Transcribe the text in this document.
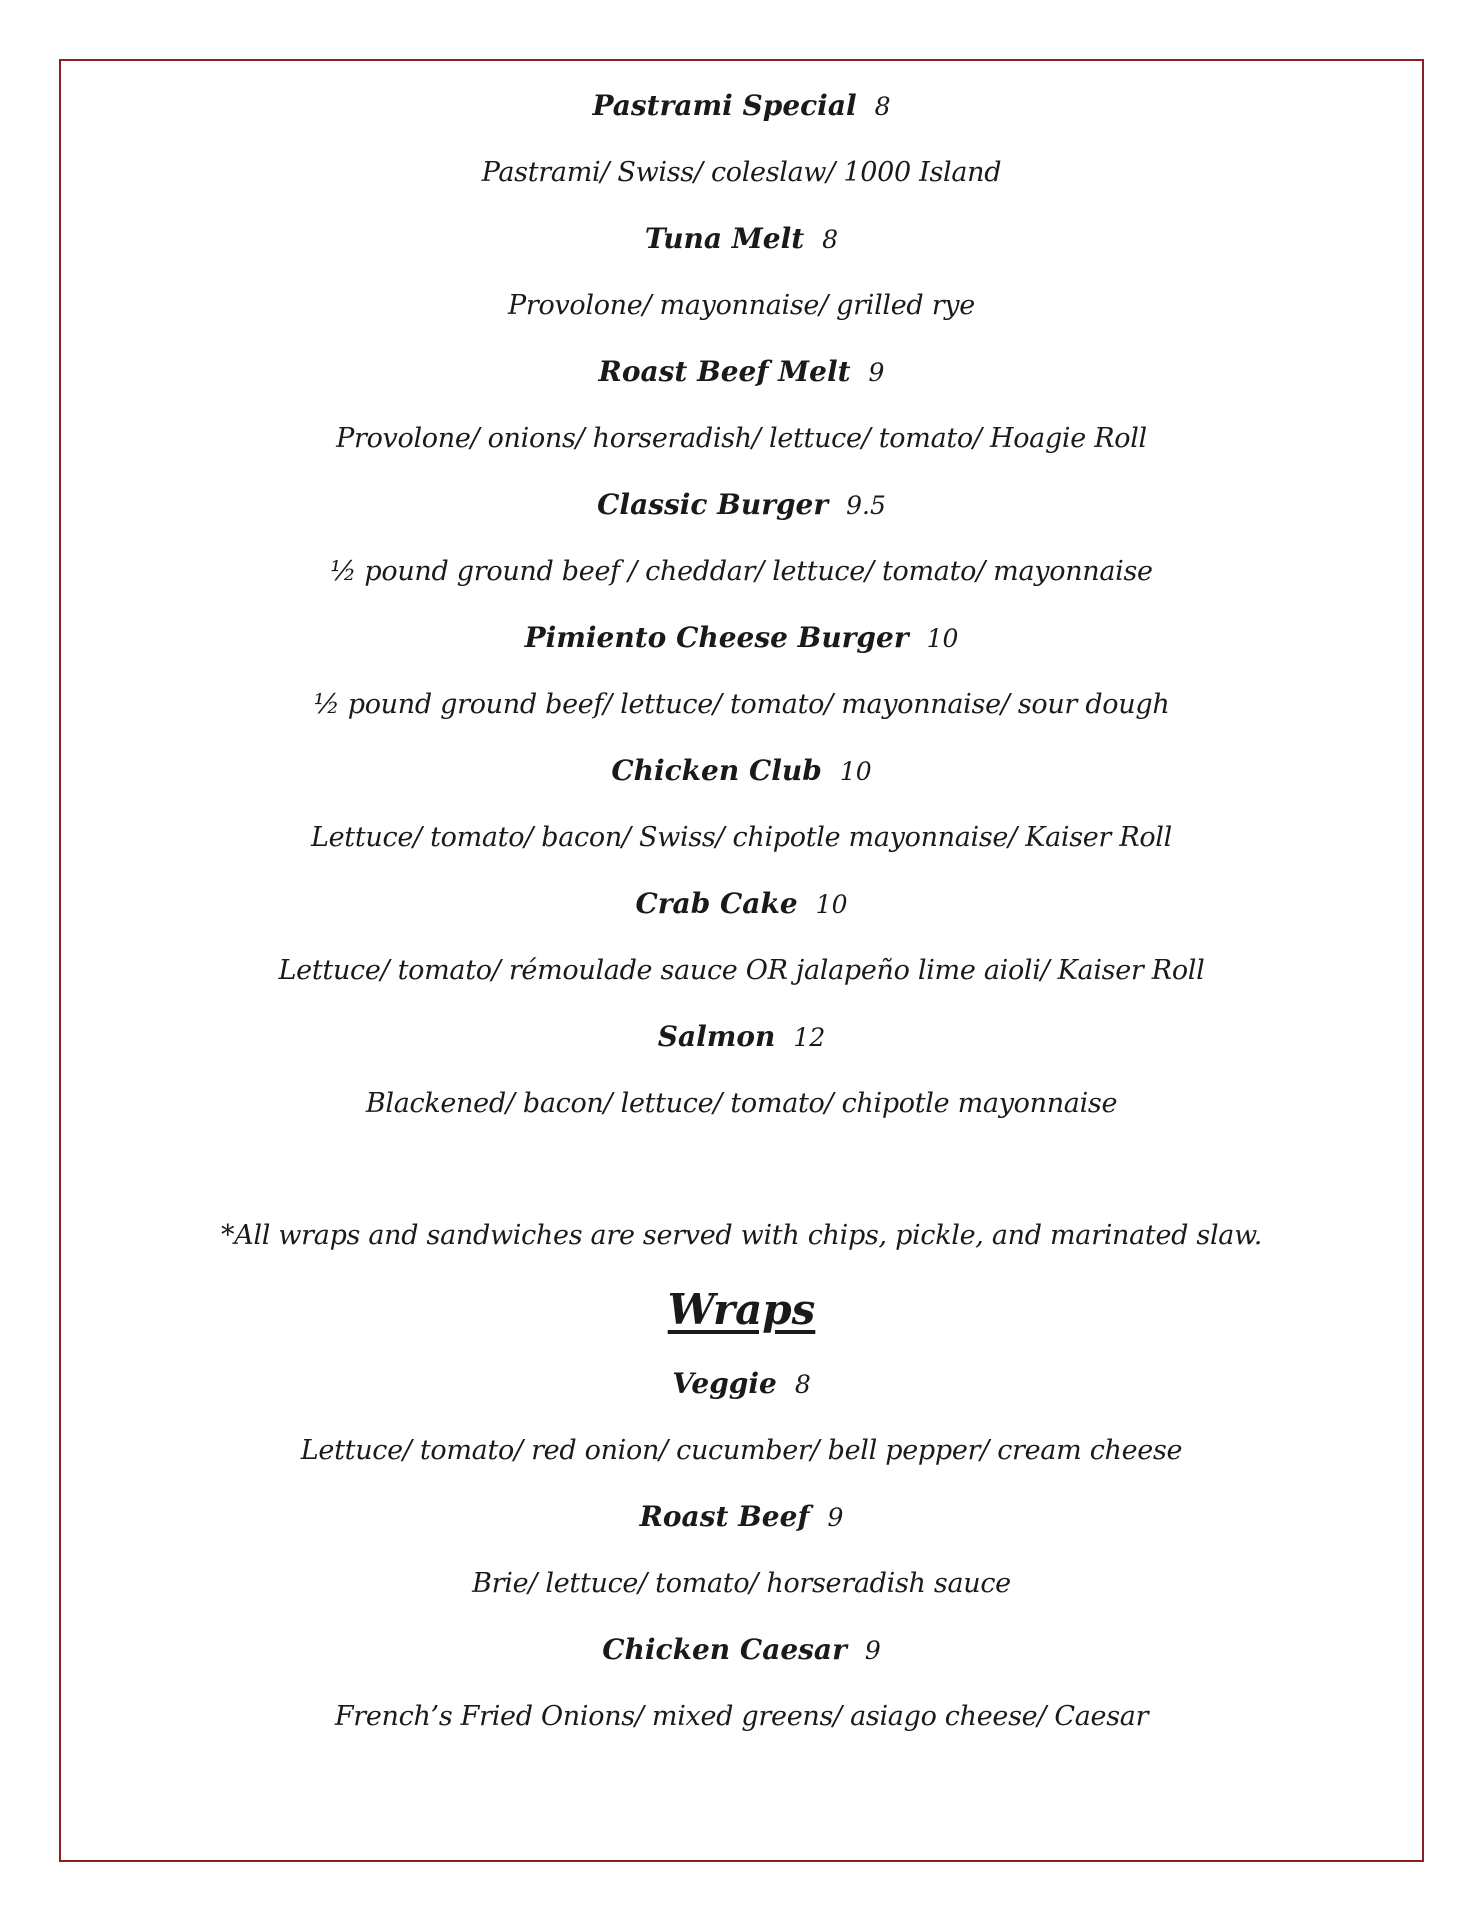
Pastrami Special 8
Pastrami/ Swiss/ coleslaw/ 1000 Island
Tuna Melt 8
Provolone/ mayonnaise/ grilled rye
Roast Beef Melt 9
Provolone/ onions/ horseradish/ lettuce/ tomato/ Hoagie Roll
Classic Burger 9.5
½ pound ground beef / cheddar/ lettuce/ tomato/ mayonnaise
Pimiento Cheese Burger 10
½ pound ground beef/ lettuce/ tomato/ mayonnaise/ sour dough
Chicken Club 10
Lettuce/ tomato/ bacon/ Swiss/ chipotle mayonnaise/ Kaiser Roll
Crab Cake 10
Lettuce/ tomato/ rémoulade sauce OR jalapeño lime aioli/ Kaiser Roll
Salmon 12
Blackened/ bacon/ lettuce/ tomato/ chipotle mayonnaise
*All wraps and sandwiches are served with chips, pickle, and marinated slaw.
Wraps
Veggie 8
Lettuce/ tomato/ red onion/ cucumber/ bell pepper/ cream cheese
Roast Beef 9
Brie/ lettuce/ tomato/ horseradish sauce
Chicken Caesar 9
French’s Fried Onions/ mixed greens/ asiago cheese/ Caesar
